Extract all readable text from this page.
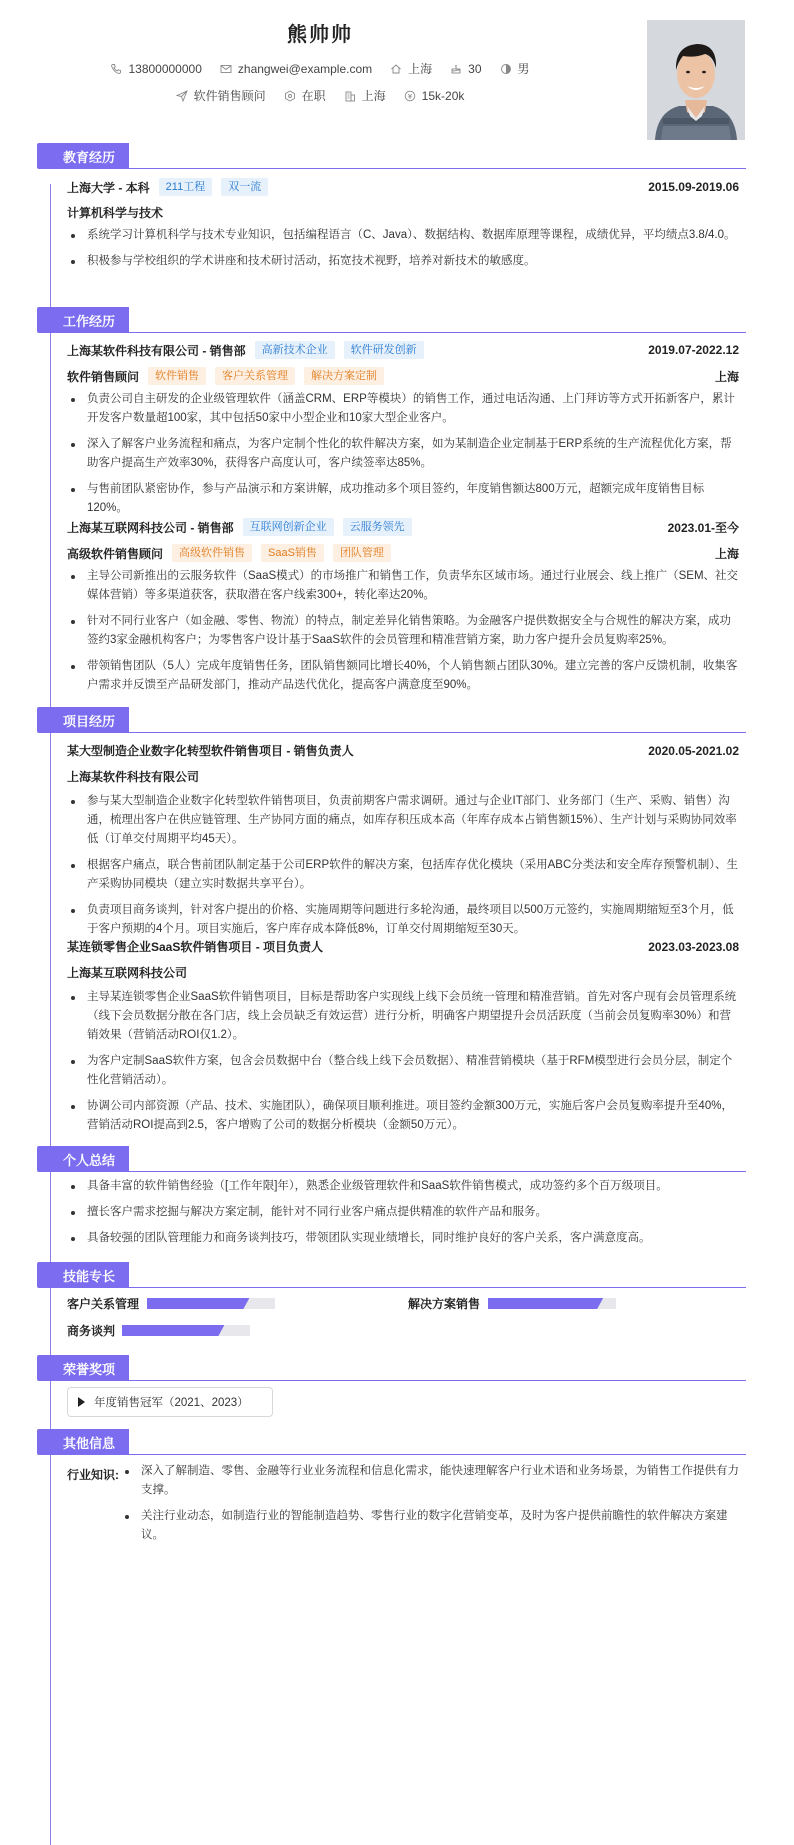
熊帅帅
13800000000	zhangwei@example.com	上海	30	男
软件销售顾问	在职	上海	15k-20k
教育经历
上海大学 - 本科	211工程	双一流	2015.09-2019.06
计算机科学与技术
系统学习计算机科学与技术专业知识，包括编程语言（C、Java）、数据结构、数据库原理等课程，成绩优异，平均绩点3.8/4.0。
积极参与学校组织的学术讲座和技术研讨活动，拓宽技术视野，培养对新技术的敏感度。
工作经历
上海某软件科技有限公司 - 销售部	高新技术企业	软件研发创新	2019.07-2022.12
软件销售顾问	软件销售	客户关系管理	解决方案定制	上海
负责公司自主研发的企业级管理软件（涵盖CRM、ERP等模块）的销售工作，通过电话沟通、上门拜访等方式开拓新客户，累计开发客户数量超100家，其中包括50家中小型企业和10家大型企业客户。
深入了解客户业务流程和痛点，为客户定制个性化的软件解决方案，如为某制造企业定制基于ERP系统的生产流程优化方案，帮助客户提高生产效率30%，获得客户高度认可，客户续签率达85%。
与售前团队紧密协作，参与产品演示和方案讲解，成功推动多个项目签约，年度销售额达800万元，超额完成年度销售目标120%。
上海某互联网科技公司 - 销售部	互联网创新企业	云服务领先	2023.01-至今
高级软件销售顾问	高级软件销售	SaaS销售	团队管理	上海
主导公司新推出的云服务软件（SaaS模式）的市场推广和销售工作，负责华东区域市场。通过行业展会、线上推广（SEM、社交媒体营销）等多渠道获客，获取潜在客户线索300+，转化率达20%。
针对不同行业客户（如金融、零售、物流）的特点，制定差异化销售策略。为金融客户提供数据安全与合规性的解决方案，成功签约3家金融机构客户；为零售客户设计基于SaaS软件的会员管理和精准营销方案，助力客户提升会员复购率25%。
带领销售团队（5人）完成年度销售任务，团队销售额同比增长40%，个人销售额占团队30%。建立完善的客户反馈机制，收集客户需求并反馈至产品研发部门，推动产品迭代优化，提高客户满意度至90%。
项目经历
某大型制造企业数字化转型软件销售项目 - 销售负责人	2020.05-2021.02
上海某软件科技有限公司
参与某大型制造企业数字化转型软件销售项目，负责前期客户需求调研。通过与企业IT部门、业务部门（生产、采购、销售）沟通，梳理出客户在供应链管理、生产协同方面的痛点，如库存积压成本高（年库存成本占销售额15%）、生产计划与采购协同效率低（订单交付周期平均45天）。
根据客户痛点，联合售前团队制定基于公司ERP软件的解决方案，包括库存优化模块（采用ABC分类法和安全库存预警机制）、生产采购协同模块（建立实时数据共享平台）。
负责项目商务谈判，针对客户提出的价格、实施周期等问题进行多轮沟通，最终项目以500万元签约，实施周期缩短至3个月，低于客户预期的4个月。项目实施后，客户库存成本降低8%，订单交付周期缩短至30天。
某连锁零售企业SaaS软件销售项目 - 项目负责人	2023.03-2023.08
上海某互联网科技公司
主导某连锁零售企业SaaS软件销售项目，目标是帮助客户实现线上线下会员统一管理和精准营销。首先对客户现有会员管理系统（线下会员数据分散在各门店，线上会员缺乏有效运营）进行分析，明确客户期望提升会员活跃度（当前会员复购率30%）和营销效果（营销活动ROI仅1.2）。
为客户定制SaaS软件方案，包含会员数据中台（整合线上线下会员数据）、精准营销模块（基于RFM模型进行会员分层，制定个性化营销活动）。
协调公司内部资源（产品、技术、实施团队），确保项目顺利推进。项目签约金额300万元，实施后客户会员复购率提升至40%，营销活动ROI提高到2.5，客户增购了公司的数据分析模块（金额50万元）。
个人总结
具备丰富的软件销售经验（[工作年限]年），熟悉企业级管理软件和SaaS软件销售模式，成功签约多个百万级项目。
擅长客户需求挖掘与解决方案定制，能针对不同行业客户痛点提供精准的软件产品和服务。
具备较强的团队管理能力和商务谈判技巧，带领团队实现业绩增长，同时维护良好的客户关系，客户满意度高。
技能专长
客户关系管理	解决方案销售
商务谈判
荣誉奖项
年度销售冠军（2021、2023）
其他信息
行业知识:	深入了解制造、零售、金融等行业业务流程和信息化需求，能快速理解客户行业术语和业务场景，为销售工作提供有力支撑。
关注行业动态，如制造行业的智能制造趋势、零售行业的数字化营销变革，及时为客户提供前瞻性的软件解决方案建议。
